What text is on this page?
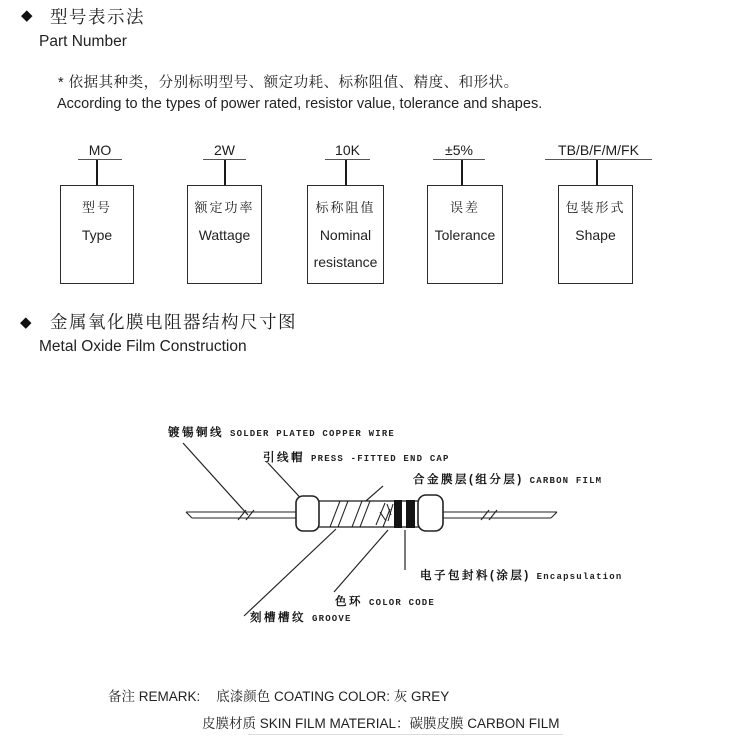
◆ 型号表示法
Part Number
* 依据其种类，分别标明型号、额定功耗、标称阻值、精度、和形状。
According to the types of power rated, resistor value, tolerance and shapes.
MO
型号
Type
2W
额定功率
Wattage
10K
标称阻值
Nominal
resistance
±5%
误差
Tolerance
TB/B/F/M/FK
包装形式
Shape
◆ 金属氧化膜电阻器结构尺寸图
Metal Oxide Film Construction
镀锡铜线 SOLDER PLATED COPPER WIRE
引线帽 PRESS -FITTED END CAP
合金膜层(组分层) CARBON FILM
电子包封料(涂层) Encapsulation
色环 COLOR CODE
刻槽槽纹 GROOVE
备注 REMARK: 底漆颜色 COATING COLOR: 灰 GREY
皮膜材质 SKIN FILM MATERIAL：碳膜皮膜 CARBON FILM
